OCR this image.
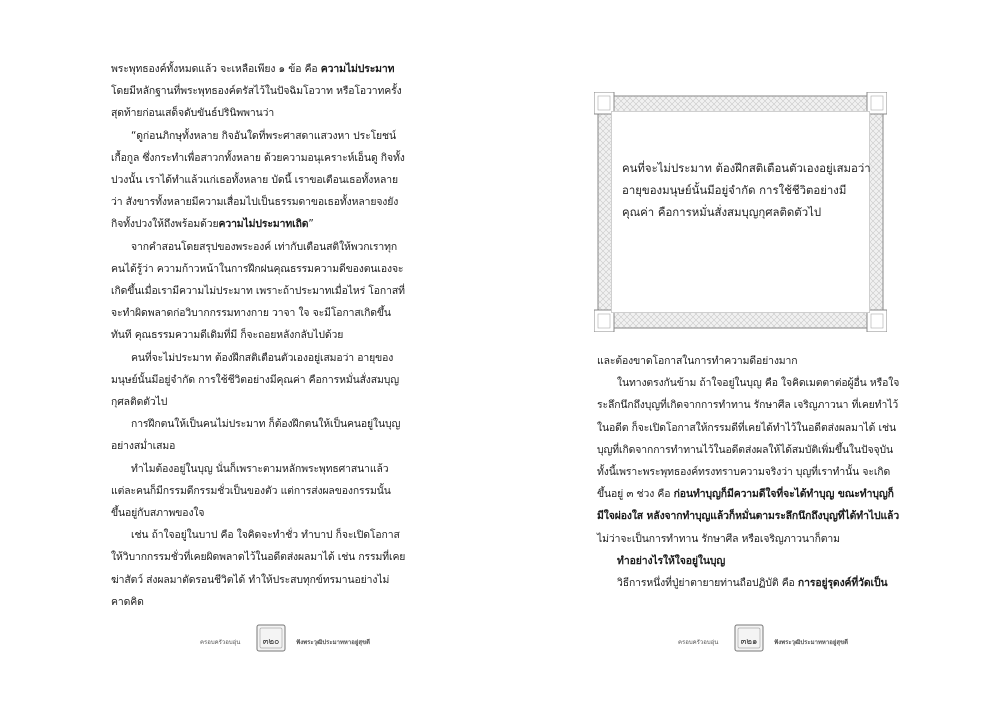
พระพุทธองค์ทั้งหมดแล้ว จะเหลือเพียง ๑ ข้อ คือ ความไม่ประมาท โดยมีหลักฐานที่พระพุทธองค์ตรัสไว้ในปัจฉิมโอวาท หรือโอวาทครั้งสุดท้ายก่อนเสด็จดับขันธ์ปรินิพพานว่า

“ดูก่อนภิกษุทั้งหลาย กิจอันใดที่พระศาสดาแสวงหา ประโยชน์เกื้อกูล ซึ่งกระทำเพื่อสาวกทั้งหลาย ด้วยความอนุเคราะห์เอ็นดู กิจทั้งปวงนั้น เราได้ทำแล้วแก่เธอทั้งหลาย บัดนี้ เราขอเตือนเธอทั้งหลายว่า สังขารทั้งหลายมีความเสื่อมไปเป็นธรรมดาขอเธอทั้งหลายจงยังกิจทั้งปวงให้ถึงพร้อมด้วยความไม่ประมาทเถิด”

จากคำสอนโดยสรุปของพระองค์ เท่ากับเตือนสติให้พวกเราทุกคนได้รู้ว่า ความก้าวหน้าในการฝึกฝนคุณธรรมความดีของตนเองจะเกิดขึ้นเมื่อเรามีความไม่ประมาท เพราะถ้าประมาทเมื่อไหร่ โอกาสที่จะทำผิดพลาดก่อวิบากกรรมทางกาย วาจา ใจ จะมีโอกาสเกิดขึ้นทันที คุณธรรมความดีเดิมที่มี ก็จะถอยหลังกลับไปด้วย

คนที่จะไม่ประมาท ต้องฝึกสติเตือนตัวเองอยู่เสมอว่า อายุของมนุษย์นั้นมีอยู่จำกัด การใช้ชีวิตอย่างมีคุณค่า คือการหมั่นสั่งสมบุญกุศลติดตัวไป

การฝึกตนให้เป็นคนไม่ประมาท ก็ต้องฝึกตนให้เป็นคนอยู่ในบุญอย่างสม่ำเสมอ

ทำไมต้องอยู่ในบุญ นั่นก็เพราะตามหลักพระพุทธศาสนาแล้ว แต่ละคนก็มีกรรมดีกรรมชั่วเป็นของตัว แต่การส่งผลของกรรมนั้น ขึ้นอยู่กับสภาพของใจ

เช่น ถ้าใจอยู่ในบาป คือ ใจคิดจะทำชั่ว ทำบาป ก็จะเปิดโอกาสให้วิบากกรรมชั่วที่เคยผิดพลาดไว้ในอดีตส่งผลมาได้ เช่น กรรมที่เคยฆ่าสัตว์ ส่งผลมาตัดรอนชีวิตได้ ทำให้ประสบทุกข์ทรมานอย่างไม่คาดคิด

คนที่จะไม่ประมาท ต้องฝึกสติเตือนตัวเองอยู่เสมอว่า อายุของมนุษย์นั้นมีอยู่จำกัด การใช้ชีวิตอย่างมีคุณค่า คือการหมั่นสั่งสมบุญกุศลติดตัวไป

และต้องขาดโอกาสในการทำความดีอย่างมาก

ในทางตรงกันข้าม ถ้าใจอยู่ในบุญ คือ ใจคิดเมตตาต่อผู้อื่น หรือใจระลึกนึกถึงบุญที่เกิดจากการทำทาน รักษาศีล เจริญภาวนา ที่เคยทำไว้ในอดีต ก็จะเปิดโอกาสให้กรรมดีที่เคยได้ทำไว้ในอดีตส่งผลมาได้ เช่น บุญที่เกิดจากการทำทานไว้ในอดีตส่งผลให้ได้สมบัติเพิ่มขึ้นในปัจจุบัน ทั้งนี้เพราะพระพุทธองค์ทรงทราบความจริงว่า บุญที่เราทำนั้น จะเกิดขึ้นอยู่ ๓ ช่วง คือ ก่อนทำบุญก็มีความดีใจที่จะได้ทำบุญ ขณะทำบุญก็มีใจผ่องใส หลังจากทำบุญแล้วก็หมั่นตามระลึกนึกถึงบุญที่ได้ทำไปแล้ว ไม่ว่าจะเป็นการทำทาน รักษาศีล หรือเจริญภาวนาก็ตาม

ทำอย่างไรให้ใจอยู่ในบุญ

วิธีการหนึ่งที่ปู่ย่าตายายท่านถือปฏิบัติ คือ การอยู่รุดงค์ที่วัดเป็น

ครอบครัวอบอุ่น	๓๒๐	ฟังพระวุฒิประมาทหาอยู่สุขดี	ครอบครัวอบอุ่น	๓๒๑	ฟังพระวุฒิประมาทหาอยู่สุขดี
